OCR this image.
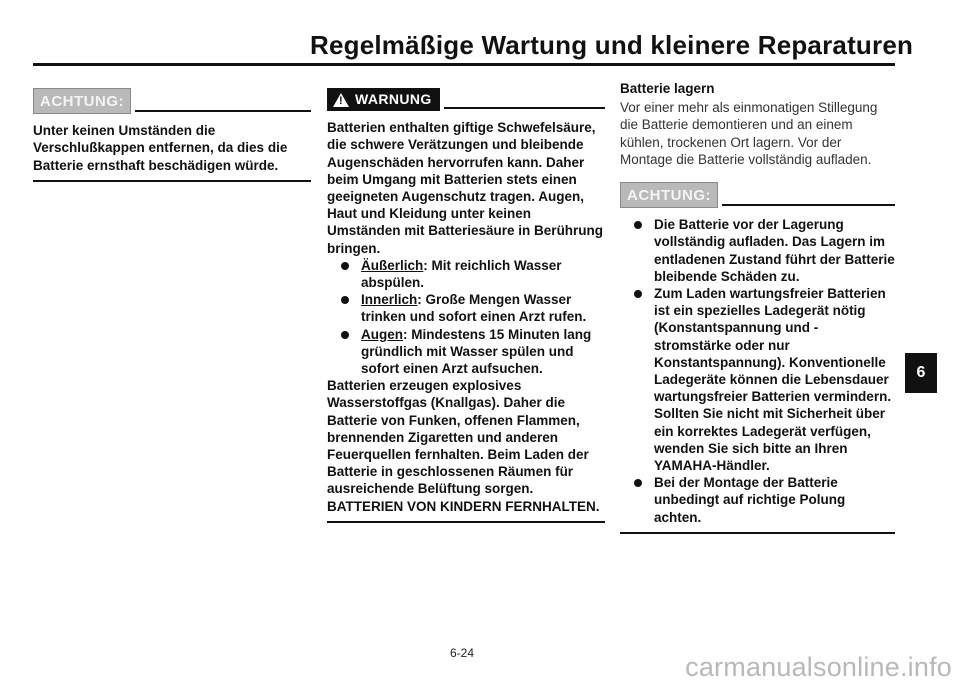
Regelmäßige Wartung und kleinere Reparaturen
ACHTUNG:

Unter keinen Umständen die Verschlußkappen entfernen, da dies die Batterie ernsthaft beschädigen würde.

!
WARNUNG

Batterien enthalten giftige Schwefelsäure, die schwere Verätzungen und bleibende Augenschäden hervorrufen kann. Daher beim Umgang mit Batterien stets einen geeigneten Augenschutz tragen. Augen, Haut und Kleidung unter keinen Umständen mit Batteriesäure in Berührung bringen.

Äußerlich: Mit reichlich Wasser abspülen.
Innerlich: Große Mengen Wasser trinken und sofort einen Arzt rufen.
Augen: Mindestens 15 Minuten lang gründlich mit Wasser spülen und sofort einen Arzt aufsuchen.

Batterien erzeugen explosives Wasserstoffgas (Knallgas). Daher die Batterie von Funken, offenen Flammen, brennenden Zigaretten und anderen Feuerquellen fernhalten. Beim Laden der Batterie in geschlossenen Räumen für ausreichende Belüftung sorgen. BATTERIEN VON KINDERN FERNHALTEN.

Batterie lagern

Vor einer mehr als einmonatigen Stillegung die Batterie demontieren und an einem kühlen, trockenen Ort lagern. Vor der Montage die Batterie vollständig aufladen.

ACHTUNG:
Die Batterie vor der Lagerung vollständig aufladen. Das Lagern im entladenen Zustand führt der Batterie bleibende Schäden zu.
Zum Laden wartungsfreier Batterien ist ein spezielles Ladegerät nötig (Konstantspannung und -stromstärke oder nur Konstantspannung). Konventionelle Ladegeräte können die Lebensdauer wartungsfreier Batterien vermindern. Sollten Sie nicht mit Sicherheit über ein korrektes Ladegerät verfügen, wenden Sie sich bitte an Ihren YAMAHA-Händler.
Bei der Montage der Batterie unbedingt auf richtige Polung achten.
6
6-24	carmanualsonline.info
